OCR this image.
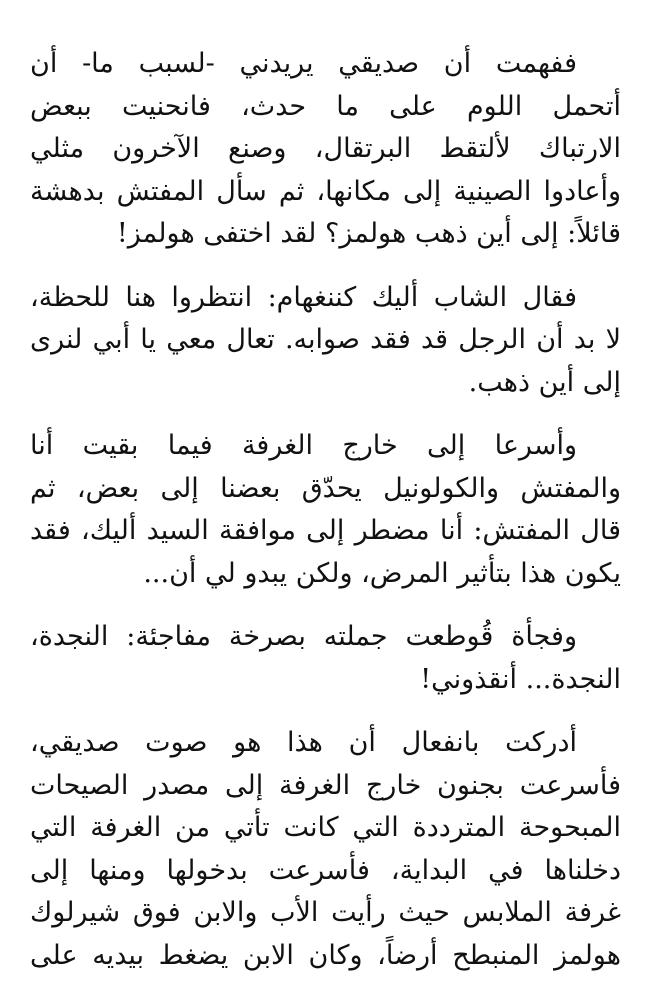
ففهمت أن صديقي يريدني -لسبب ما- أن
أتحمل اللوم على ما حدث، فانحنيت ببعض
الارتباك لألتقط البرتقال، وصنع الآخرون مثلي
وأعادوا الصينية إلى مكانها، ثم سأل المفتش بدهشة
قائلاً: إلى أين ذهب هولمز؟ لقد اختفى هولمز!
فقال الشاب أليك كننغهام: انتظروا هنا للحظة،
لا بد أن الرجل قد فقد صوابه. تعال معي يا أبي لنرى
إلى أين ذهب.
وأسرعا إلى خارج الغرفة فيما بقيت أنا
والمفتش والكولونيل يحدّق بعضنا إلى بعض، ثم
قال المفتش: أنا مضطر إلى موافقة السيد أليك، فقد
يكون هذا بتأثير المرض، ولكن يبدو لي أن...
وفجأة قُوطعت جملته بصرخة مفاجئة: النجدة،
النجدة... أنقذوني!
أدركت بانفعال أن هذا هو صوت صديقي،
فأسرعت بجنون خارج الغرفة إلى مصدر الصيحات
المبحوحة المترددة التي كانت تأتي من الغرفة التي
دخلناها في البداية، فأسرعت بدخولها ومنها إلى
غرفة الملابس حيث رأيت الأب والابن فوق شيرلوك
هولمز المنبطح أرضاً، وكان الابن يضغط بيديه على
